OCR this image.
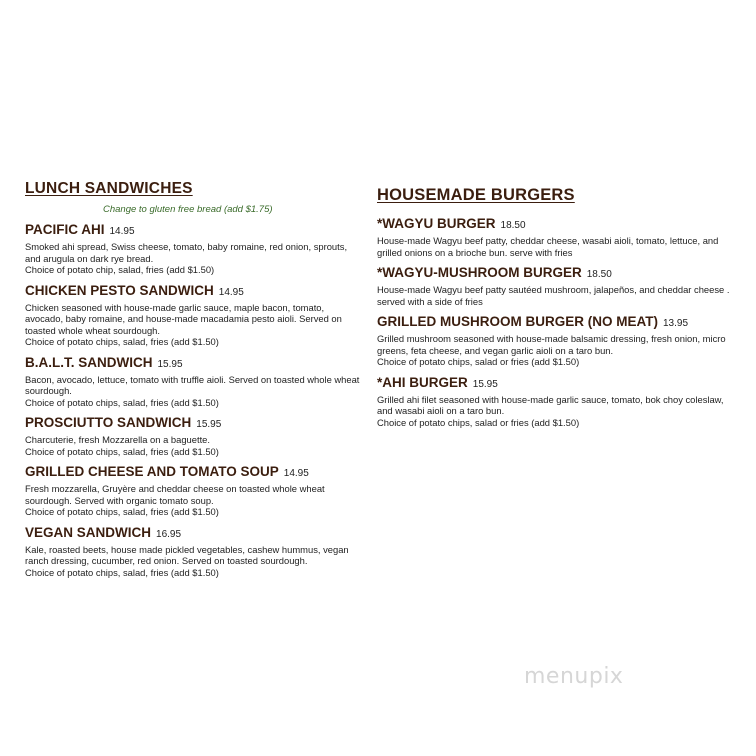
LUNCH SANDWICHES
Change to gluten free bread (add $1.75)
PACIFIC AHI 14.95

Smoked ahi spread, Swiss cheese, tomato, baby romaine, red onion, sprouts, and arugula on dark rye bread.

Choice of potato chip, salad, fries (add $1.50)

CHICKEN PESTO SANDWICH 14.95

Chicken seasoned with house-made garlic sauce, maple bacon, tomato, avocado, baby romaine, and house-made macadamia pesto aioli. Served on toasted whole wheat sourdough.

Choice of potato chips, salad, fries (add $1.50)

B.A.L.T. SANDWICH 15.95

Bacon, avocado, lettuce, tomato with truffle aioli. Served on toasted whole wheat sourdough.

Choice of potato chips, salad, fries (add $1.50)

PROSCIUTTO SANDWICH 15.95

Charcuterie, fresh Mozzarella on a baguette.

Choice of potato chips, salad, fries (add $1.50)

GRILLED CHEESE AND TOMATO SOUP 14.95

Fresh mozzarella, Gruyère and cheddar cheese on toasted whole wheat sourdough. Served with organic tomato soup.

Choice of potato chips, salad, fries (add $1.50)

VEGAN SANDWICH 16.95

Kale, roasted beets, house made pickled vegetables, cashew hummus, vegan ranch dressing, cucumber, red onion. Served on toasted sourdough.

Choice of potato chips, salad, fries (add $1.50)

HOUSEMADE BURGERS
*WAGYU BURGER 18.50

House-made Wagyu beef patty, cheddar cheese, wasabi aioli, tomato, lettuce, and grilled onions on a brioche bun. serve with fries

*WAGYU-MUSHROOM BURGER 18.50

House-made Wagyu beef patty sautéed mushroom, jalapeños, and cheddar cheese . served with a side of fries

GRILLED MUSHROOM BURGER (NO MEAT) 13.95

Grilled mushroom seasoned with house-made balsamic dressing, fresh onion, micro greens, feta cheese, and vegan garlic aioli on a taro bun.

Choice of potato chips, salad or fries (add $1.50)

*AHI BURGER 15.95

Grilled ahi filet seasoned with house-made garlic sauce, tomato, bok choy coleslaw, and wasabi aioli on a taro bun.

Choice of potato chips, salad or fries (add $1.50)

menupix
